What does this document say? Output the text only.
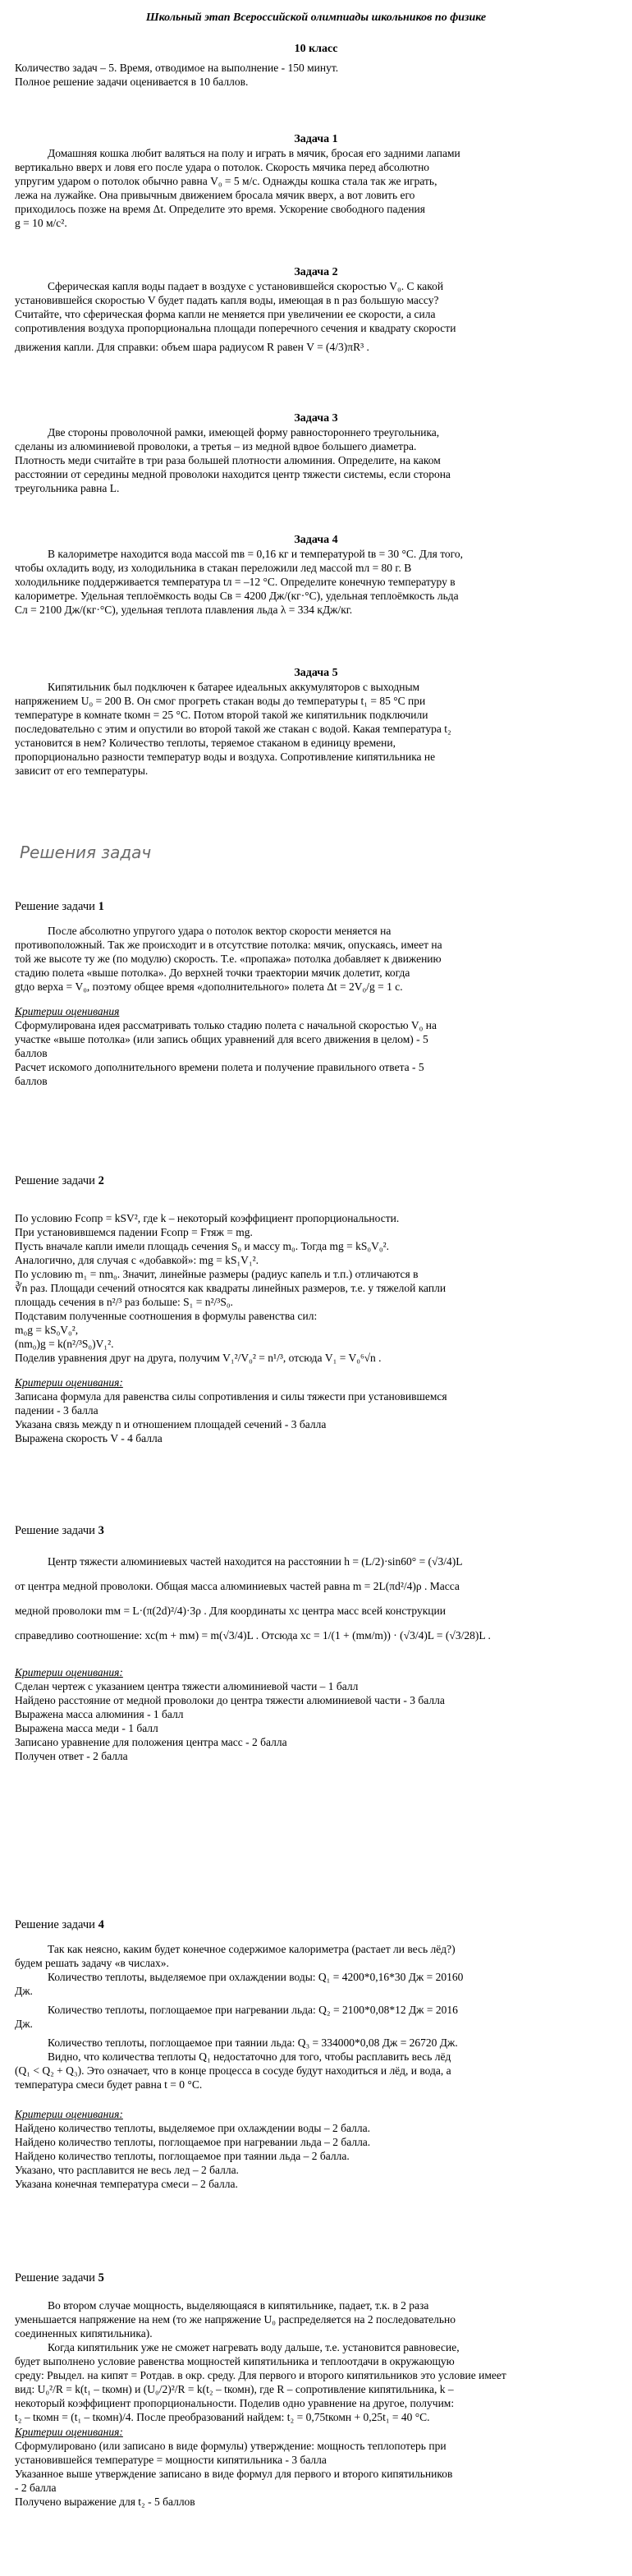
Школьный этап Всероссийской олимпиады школьников по физике
10 класс

Количество задач – 5. Время, отводимое на выполнение - 150 минут.

Полное решение задачи оценивается в 10 баллов.

Задача 1

Домашняя кошка любит валяться на полу и играть в мячик, бросая его задними лапами

вертикально вверх и ловя его после удара о потолок. Скорость мячика перед абсолютно

упругим ударом о потолок обычно равна V₀ = 5 м/с. Однажды кошка стала так же играть,

лежа на лужайке. Она привычным движением бросала мячик вверх, а вот ловить его

приходилось позже на время Δt. Определите это время. Ускорение свободного падения

g = 10 м/с².

Задача 2

Сферическая капля воды падает в воздухе с установившейся скоростью V₀. С какой

установившейся скоростью V будет падать капля воды, имеющая в n раз большую массу?

Считайте, что сферическая форма капли не меняется при увеличении ее скорости, а сила

сопротивления воздуха пропорциональна площади поперечного сечения и квадрату скорости

движения капли. Для справки: объем шара радиусом R равен V = (4/3)πR³ .

Задача 3

Две стороны проволочной рамки, имеющей форму равностороннего треугольника,

сделаны из алюминиевой проволоки, а третья – из медной вдвое большего диаметра.

Плотность меди считайте в три раза большей плотности алюминия. Определите, на каком

расстоянии от середины медной проволоки находится центр тяжести системы, если сторона

треугольника равна L.

Задача 4

В калориметре находится вода массой mв = 0,16 кг и температурой tв = 30 °С. Для того,

чтобы охладить воду, из холодильника в стакан переложили лед массой mл = 80 г. В

холодильнике поддерживается температура tл = –12 °С. Определите конечную температуру в

калориметре. Удельная теплоёмкость воды Св = 4200 Дж/(кг·°С), удельная теплоёмкость льда

Сл = 2100 Дж/(кг·°С), удельная теплота плавления льда λ = 334 кДж/кг.

Задача 5

Кипятильник был подключен к батарее идеальных аккумуляторов с выходным

напряжением U₀ = 200 В. Он смог прогреть стакан воды до температуры t₁ = 85 °С при

температуре в комнате tкомн = 25 °С. Потом второй такой же кипятильник подключили

последовательно с этим и опустили во второй такой же стакан с водой. Какая температура t₂

установится в нем? Количество теплоты, теряемое стаканом в единицу времени,

пропорционально разности температур воды и воздуха. Сопротивление кипятильника не

зависит от его температуры.

Решения задач
Решение задачи 1

После абсолютно упругого удара о потолок вектор скорости меняется на

противоположный. Так же происходит и в отсутствие потолка: мячик, опускаясь, имеет на

той же высоте ту же (по модулю) скорость. Т.е. «пропажа» потолка добавляет к движению

стадию полета «выше потолка». До верхней точки траектории мячик долетит, когда

gtдо верха = V₀, поэтому общее время «дополнительного» полета Δt = 2V₀/g = 1 с.

Критерии оценивания

Сформулирована идея рассматривать только стадию полета с начальной скоростью V₀ на

участке «выше потолка» (или запись общих уравнений для всего движения в целом) - 5

баллов

Расчет искомого дополнительного времени полета и получение правильного ответа - 5

баллов

Решение задачи 2

По условию Fсопр = kSV², где k – некоторый коэффициент пропорциональности.

При установившемся падении Fсопр = Fтяж = mg.

Пусть вначале капли имели площадь сечения S₀ и массу m₀. Тогда mg = kS₀V₀².

Аналогично, для случая с «добавкой»: mg = kS₁V₁².

По условию m₁ = nm₀. Значит, линейные размеры (радиус капель и т.п.) отличаются в

∛n раз. Площади сечений относятся как квадраты линейных размеров, т.е. у тяжелой капли

площадь сечения в n²/³ раз больше: S₁ = n²/³S₀.

Подставим полученные соотношения в формулы равенства сил:

m₀g = kS₀V₀²,

(nm₀)g = k(n²/³S₀)V₁².

Поделив уравнения друг на друга, получим V₁²/V₀² = n¹/³, отсюда V₁ = V₀⁶√n .

Критерии оценивания:

Записана формула для равенства силы сопротивления и силы тяжести при установившемся

падении - 3 балла

Указана связь между n и отношением площадей сечений - 3 балла

Выражена скорость V - 4 балла

Решение задачи 3

Центр тяжести алюминиевых частей находится на расстоянии h = (L/2)·sin60° = (√3/4)L

от центра медной проволоки. Общая масса алюминиевых частей равна m = 2L(πd²/4)ρ . Масса

медной проволоки mм = L·(π(2d)²/4)·3ρ . Для координаты xc центра масс всей конструкции

справедливо соотношение: xc(m + mм) = m(√3/4)L . Отсюда xc = 1/(1 + (mм/m)) · (√3/4)L = (√3/28)L .

Критерии оценивания:

Сделан чертеж с указанием центра тяжести алюминиевой части – 1 балл

Найдено расстояние от медной проволоки до центра тяжести алюминиевой части - 3 балла

Выражена масса алюминия - 1 балл

Выражена масса меди - 1 балл

Записано уравнение для положения центра масс - 2 балла

Получен ответ - 2 балла

Решение задачи 4

Так как неясно, каким будет конечное содержимое калориметра (растает ли весь лёд?)

будем решать задачу «в числах».

Количество теплоты, выделяемое при охлаждении воды: Q₁ = 4200*0,16*30 Дж = 20160

Дж.

Количество теплоты, поглощаемое при нагревании льда: Q₂ = 2100*0,08*12 Дж = 2016

Дж.

Количество теплоты, поглощаемое при таянии льда: Q₃ = 334000*0,08 Дж = 26720 Дж.

Видно, что количества теплоты Q₁ недостаточно для того, чтобы расплавить весь лёд

(Q₁ < Q₂ + Q₃). Это означает, что в конце процесса в сосуде будут находиться и лёд, и вода, а

температура смеси будет равна t = 0 °С.

Критерии оценивания:

Найдено количество теплоты, выделяемое при охлаждении воды – 2 балла.

Найдено количество теплоты, поглощаемое при нагревании льда – 2 балла.

Найдено количество теплоты, поглощаемое при таянии льда – 2 балла.

Указано, что расплавится не весь лед – 2 балла.

Указана конечная температура смеси – 2 балла.

Решение задачи 5

Во втором случае мощность, выделяющаяся в кипятильнике, падает, т.к. в 2 раза

уменьшается напряжение на нем (то же напряжение U₀ распределяется на 2 последовательно

соединенных кипятильника).

Когда кипятильник уже не сможет нагревать воду дальше, т.е. установится равновесие,

будет выполнено условие равенства мощностей кипятильника и теплоотдачи в окружающую

среду: Pвыдел. на кипят = Pотдав. в окр. среду. Для первого и второго кипятильников это условие имеет

вид: U₀²/R = k(t₁ – tкомн) и (U₀/2)²/R = k(t₂ – tкомн), где R – сопротивление кипятильника, k –

некоторый коэффициент пропорциональности. Поделив одно уравнение на другое, получим:

t₂ – tкомн = (t₁ – tкомн)/4. После преобразований найдем: t₂ = 0,75tкомн + 0,25t₁ = 40 °С.

Критерии оценивания:

Сформулировано (или записано в виде формулы) утверждение: мощность теплопотерь при

установившейся температуре = мощности кипятильника - 3 балла

Указанное выше утверждение записано в виде формул для первого и второго кипятильников

- 2 балла

Получено выражение для t₂ - 5 баллов
